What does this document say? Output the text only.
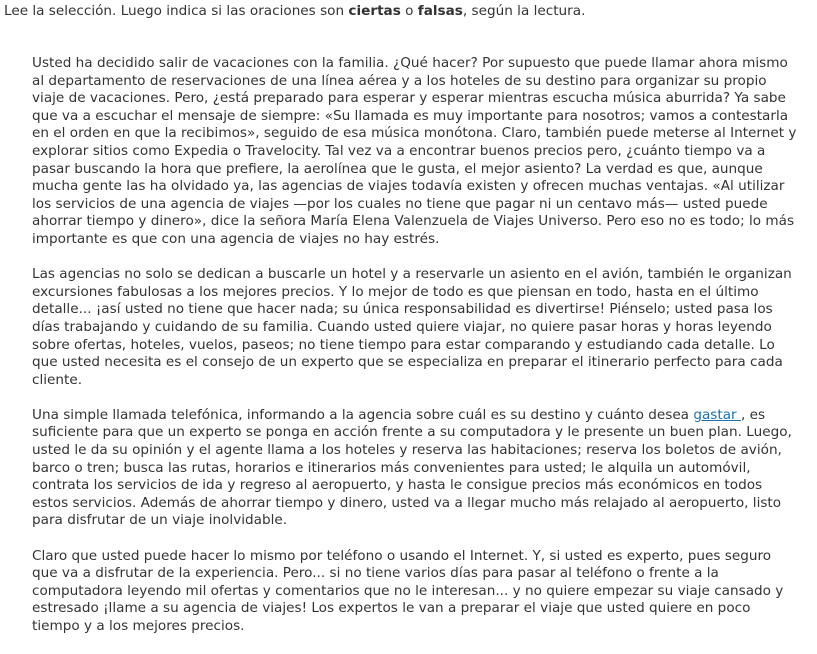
Lee la selección. Luego indica si las oraciones son ciertas o falsas, según la lectura.

Usted ha decidido salir de vacaciones con la familia. ¿Qué hacer? Por supuesto que puede llamar ahora mismo al departamento de reservaciones de una línea aérea y a los hoteles de su destino para organizar su propio viaje de vacaciones. Pero, ¿está preparado para esperar y esperar mientras escucha música aburrida? Ya sabe que va a escuchar el mensaje de siempre: «Su llamada es muy importante para nosotros; vamos a contestarla en el orden en que la recibimos», seguido de esa música monótona. Claro, también puede meterse al Internet y explorar sitios como Expedia o Travelocity. Tal vez va a encontrar buenos precios pero, ¿cuánto tiempo va a pasar buscando la hora que prefiere, la aerolínea que le gusta, el mejor asiento? La verdad es que, aunque mucha gente las ha olvidado ya, las agencias de viajes todavía existen y ofrecen muchas ventajas. «Al utilizar los servicios de una agencia de viajes —por los cuales no tiene que pagar ni un centavo más— usted puede ahorrar tiempo y dinero», dice la señora María Elena Valenzuela de Viajes Universo. Pero eso no es todo; lo más importante es que con una agencia de viajes no hay estrés.

Las agencias no solo se dedican a buscarle un hotel y a reservarle un asiento en el avión, también le organizan excursiones fabulosas a los mejores precios. Y lo mejor de todo es que piensan en todo, hasta en el último detalle... ¡así usted no tiene que hacer nada; su única responsabilidad es divertirse! Piénselo; usted pasa los días trabajando y cuidando de su familia. Cuando usted quiere viajar, no quiere pasar horas y horas leyendo sobre ofertas, hoteles, vuelos, paseos; no tiene tiempo para estar comparando y estudiando cada detalle. Lo que usted necesita es el consejo de un experto que se especializa en preparar el itinerario perfecto para cada cliente.

Una simple llamada telefónica, informando a la agencia sobre cuál es su destino y cuánto desea gastar , es suficiente para que un experto se ponga en acción frente a su computadora y le presente un buen plan. Luego, usted le da su opinión y el agente llama a los hoteles y reserva las habitaciones; reserva los boletos de avión, barco o tren; busca las rutas, horarios e itinerarios más convenientes para usted; le alquila un automóvil, contrata los servicios de ida y regreso al aeropuerto, y hasta le consigue precios más económicos en todos estos servicios. Además de ahorrar tiempo y dinero, usted va a llegar mucho más relajado al aeropuerto, listo para disfrutar de un viaje inolvidable.

Claro que usted puede hacer lo mismo por teléfono o usando el Internet. Y, si usted es experto, pues seguro que va a disfrutar de la experiencia. Pero... si no tiene varios días para pasar al teléfono o frente a la computadora leyendo mil ofertas y comentarios que no le interesan... y no quiere empezar su viaje cansado y estresado ¡llame a su agencia de viajes! Los expertos le van a preparar el viaje que usted quiere en poco tiempo y a los mejores precios.
